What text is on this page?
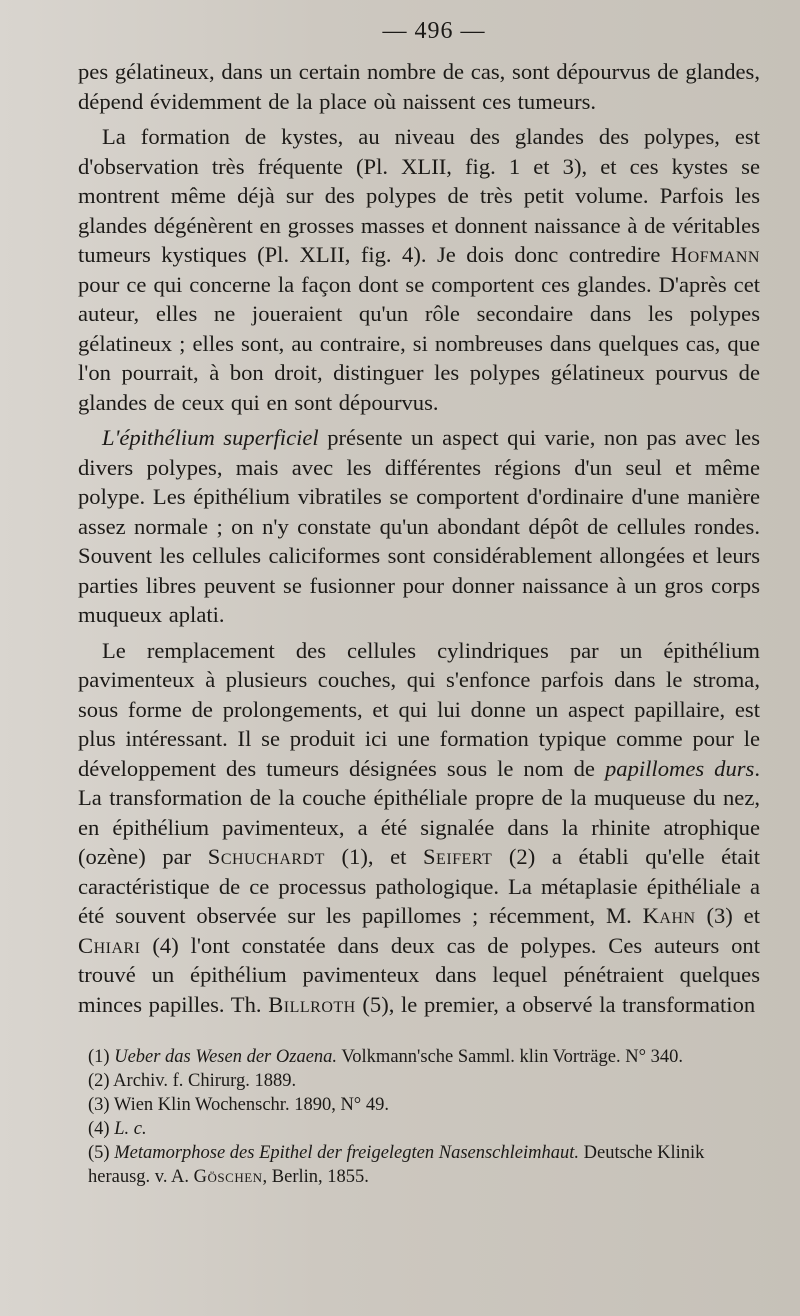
— 496 —

pes gélatineux, dans un certain nombre de cas, sont dépourvus de glandes, dépend évidemment de la place où naissent ces tumeurs.

La formation de kystes, au niveau des glandes des polypes, est d'observation très fréquente (Pl. XLII, fig. 1 et 3), et ces kystes se montrent même déjà sur des polypes de très petit volume. Parfois les glandes dégénèrent en grosses masses et donnent naissance à de véritables tumeurs kystiques (Pl. XLII, fig. 4). Je dois donc contredire Hofmann pour ce qui concerne la façon dont se comportent ces glandes. D'après cet auteur, elles ne joueraient qu'un rôle secondaire dans les polypes gélatineux ; elles sont, au contraire, si nombreuses dans quelques cas, que l'on pourrait, à bon droit, distinguer les polypes gélatineux pourvus de glandes de ceux qui en sont dépourvus.

L'épithélium superficiel présente un aspect qui varie, non pas avec les divers polypes, mais avec les différentes régions d'un seul et même polype. Les épithélium vibratiles se comportent d'ordinaire d'une manière assez normale ; on n'y constate qu'un abondant dépôt de cellules rondes. Souvent les cellules caliciformes sont considérablement allongées et leurs parties libres peuvent se fusionner pour donner naissance à un gros corps muqueux aplati.

Le remplacement des cellules cylindriques par un épithélium pavimenteux à plusieurs couches, qui s'enfonce parfois dans le stroma, sous forme de prolongements, et qui lui donne un aspect papillaire, est plus intéressant. Il se produit ici une formation typique comme pour le développement des tumeurs désignées sous le nom de papillomes durs. La transformation de la couche épithéliale propre de la muqueuse du nez, en épithélium pavimenteux, a été signalée dans la rhinite atrophique (ozène) par Schuchardt (1), et Seifert (2) a établi qu'elle était caractéristique de ce processus pathologique. La métaplasie épithéliale a été souvent observée sur les papillomes ; récemment, M. Kahn (3) et Chiari (4) l'ont constatée dans deux cas de polypes. Ces auteurs ont trouvé un épithélium pavimenteux dans lequel pénétraient quelques minces papilles. Th. Billroth (5), le premier, a observé la transformation

(1) Ueber das Wesen der Ozaena. Volkmann'sche Samml. klin Vorträge. N° 340.

(2) Archiv. f. Chirurg. 1889.

(3) Wien Klin Wochenschr. 1890, N° 49.

(4) L. c.

(5) Metamorphose des Epithel der freigelegten Nasenschleimhaut. Deutsche Klinik herausg. v. A. Göschen, Berlin, 1855.
